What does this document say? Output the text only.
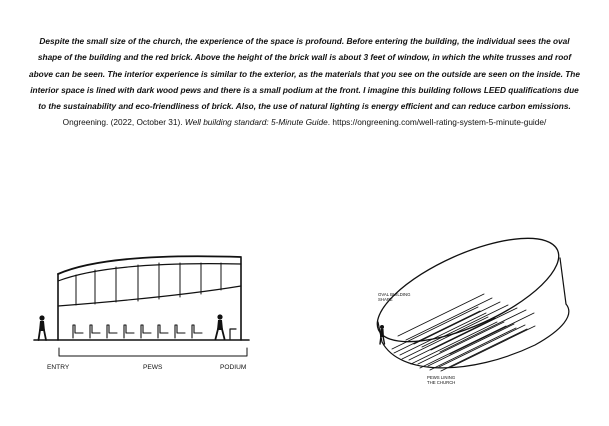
Despite the small size of the church, the experience of the space is profound. Before entering the building, the individual sees the oval shape of the building and the red brick. Above the height of the brick wall is about 3 feet of window, in which the white trusses and roof above can be seen. The interior experience is similar to the exterior, as the materials that you see on the outside are seen on the inside. The interior space is lined with dark wood pews and there is a small podium at the front. I imagine this building follows LEED qualifications due to the sustainability and eco-friendliness of brick. Also, the use of natural lighting is energy efficient and can reduce carbon emissions.

Ongreening. (2022, October 31). Well building standard: 5-Minute Guide. https://ongreening.com/well-rating-system-5-minute-guide/

ENTRY	PEWS	PODIUM
OVAL BUILDING
SHAPE
PEWS LINING
THE CHURCH
